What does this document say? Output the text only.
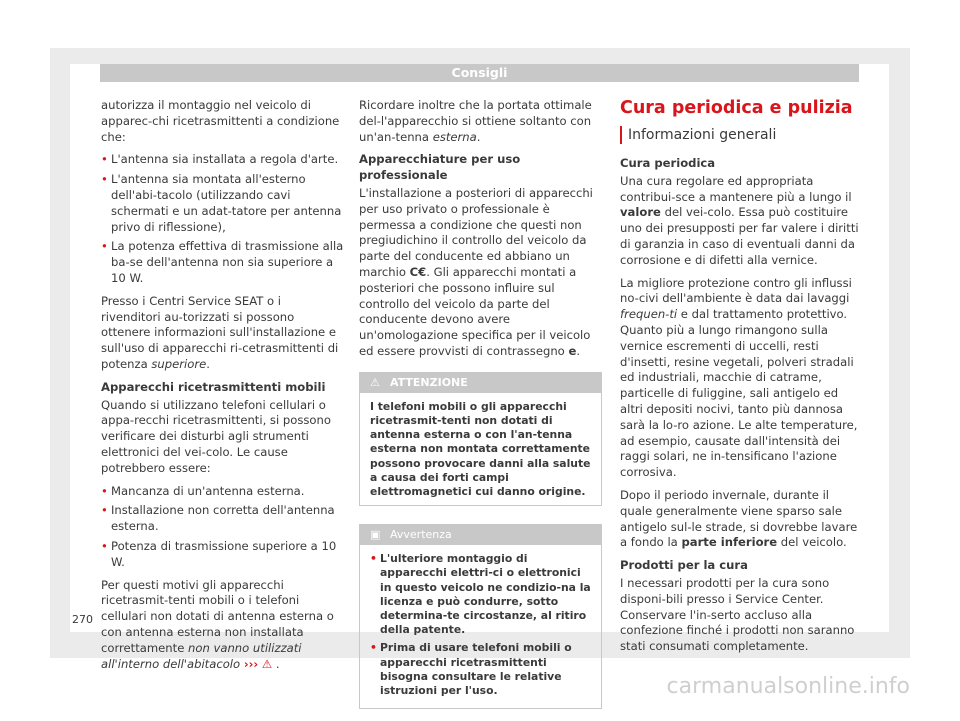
Consigli

autorizza il montaggio nel veicolo di apparec-chi ricetrasmittenti a condizione che:

• L'antenna sia installata a regola d'arte.
• L'antenna sia montata all'esterno dell'abi-tacolo (utilizzando cavi schermati e un adat-tatore per antenna privo di riflessione),
• La potenza effettiva di trasmissione alla ba-se dell'antenna non sia superiore a 10 W.

Presso i Centri Service SEAT o i rivenditori au-torizzati si possono ottenere informazioni sull'installazione e sull'uso di apparecchi ri-cetrasmittenti di potenza superiore.

Apparecchi ricetrasmittenti mobili

Quando si utilizzano telefoni cellulari o appa-recchi ricetrasmittenti, si possono verificare dei disturbi agli strumenti elettronici del vei-colo. Le cause potrebbero essere:

• Mancanza di un'antenna esterna.
• Installazione non corretta dell'antenna esterna.
• Potenza di trasmissione superiore a 10 W.

Per questi motivi gli apparecchi ricetrasmit-tenti mobili o i telefoni cellulari non dotati di antenna esterna o con antenna esterna non installata correttamente non vanno utilizzati all'interno dell'abitacolo ››› ⚠ .

Ricordare inoltre che la portata ottimale del-l'apparecchio si ottiene soltanto con un'an-tenna esterna.

Apparecchiature per uso professionale

L'installazione a posteriori di apparecchi per uso privato o professionale è permessa a condizione che questi non pregiudichino il controllo del veicolo da parte del conducente ed abbiano un marchio C€. Gli apparecchi montati a posteriori che possono influire sul controllo del veicolo da parte del conducente devono avere un'omologazione specifica per il veicolo ed essere provvisti di contrassegno e.

⚠ ATTENZIONE
I telefoni mobili o gli apparecchi ricetrasmit-tenti non dotati di antenna esterna o con l'an-tenna esterna non montata correttamente possono provocare danni alla salute a causa dei forti campi elettromagnetici cui danno origine.
▣ Avvertenza
• L'ulteriore montaggio di apparecchi elettri-ci o elettronici in questo veicolo ne condizio-na la licenza e può condurre, sotto determina-te circostanze, al ritiro della patente.
• Prima di usare telefoni mobili o apparecchi ricetrasmittenti bisogna consultare le relative istruzioni per l'uso.
Cura periodica e pulizia
Informazioni generali

Cura periodica

Una cura regolare ed appropriata contribui-sce a mantenere più a lungo il valore del vei-colo. Essa può costituire uno dei presupposti per far valere i diritti di garanzia in caso di eventuali danni da corrosione e di difetti alla vernice.

La migliore protezione contro gli influssi no-civi dell'ambiente è data dai lavaggi frequen-ti e dal trattamento protettivo. Quanto più a lungo rimangono sulla vernice escrementi di uccelli, resti d'insetti, resine vegetali, polveri stradali ed industriali, macchie di catrame, particelle di fuliggine, sali antigelo ed altri depositi nocivi, tanto più dannosa sarà la lo-ro azione. Le alte temperature, ad esempio, causate dall'intensità dei raggi solari, ne in-tensificano l'azione corrosiva.

Dopo il periodo invernale, durante il quale generalmente viene sparso sale antigelo sul-le strade, si dovrebbe lavare a fondo la parte inferiore del veicolo.

Prodotti per la cura

I necessari prodotti per la cura sono disponi-bili presso i Service Center. Conservare l'in-serto accluso alla confezione finché i prodotti non saranno stati consumati completamente.

270
carmanualsonline.info
